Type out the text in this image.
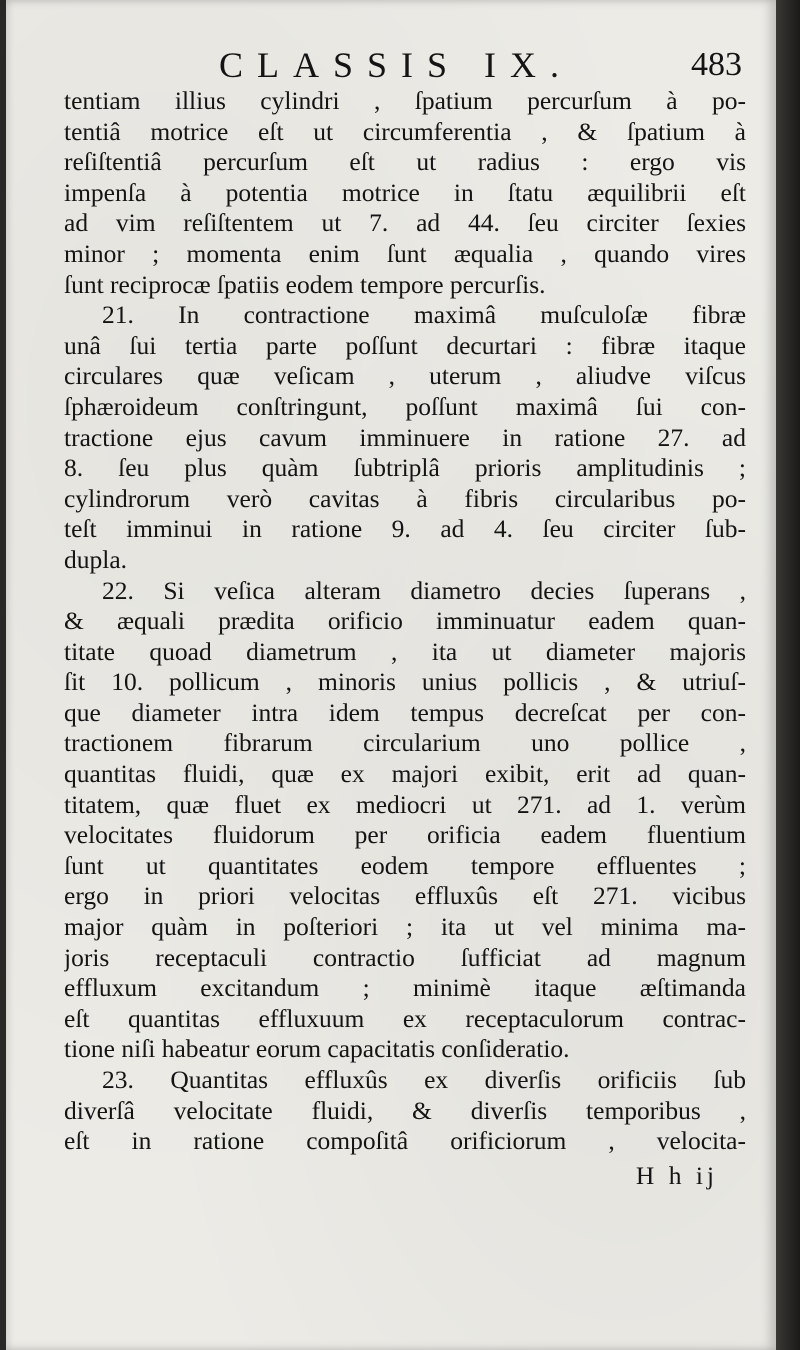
CLASSIS IX.	483
tentiam illius cylindri , ſpatium percurſum à po-
tentiâ motrice eſt ut circumferentia , & ſpatium à
reſiſtentiâ percurſum eſt ut radius : ergo vis
impenſa à potentia motrice in ſtatu æquilibrii eſt
ad vim reſiſtentem ut 7. ad 44. ſeu circiter ſexies
minor ; momenta enim ſunt æqualia , quando vires
ſunt reciprocæ ſpatiis eodem tempore percurſis.
21. In contractione maximâ muſculoſæ fibræ
unâ ſui tertia parte poſſunt decurtari : fibræ itaque
circulares quæ veſicam , uterum , aliudve viſcus
ſphæroideum conſtringunt, poſſunt maximâ ſui con-
tractione ejus cavum imminuere in ratione 27. ad
8. ſeu plus quàm ſubtriplâ prioris amplitudinis ;
cylindrorum verò cavitas à fibris circularibus po-
teſt imminui in ratione 9. ad 4. ſeu circiter ſub-
dupla.
22. Si veſica alteram diametro decies ſuperans ,
& æquali prædita orificio imminuatur eadem quan-
titate quoad diametrum , ita ut diameter majoris
ſit 10. pollicum , minoris unius pollicis , & utriuſ-
que diameter intra idem tempus decreſcat per con-
tractionem fibrarum circularium uno pollice ,
quantitas fluidi, quæ ex majori exibit, erit ad quan-
titatem, quæ fluet ex mediocri ut 271. ad 1. verùm
velocitates fluidorum per orificia eadem fluentium
ſunt ut quantitates eodem tempore effluentes ;
ergo in priori velocitas effluxûs eſt 271. vicibus
major quàm in poſteriori ; ita ut vel minima ma-
joris receptaculi contractio ſufficiat ad magnum
effluxum excitandum ; minimè itaque æſtimanda
eſt quantitas effluxuum ex receptaculorum contrac-
tione niſi habeatur eorum capacitatis conſideratio.
23. Quantitas effluxûs ex diverſis orificiis ſub
diverſâ velocitate fluidi, & diverſis temporibus ,
eſt in ratione compoſitâ orificiorum , velocita-
H h ij
